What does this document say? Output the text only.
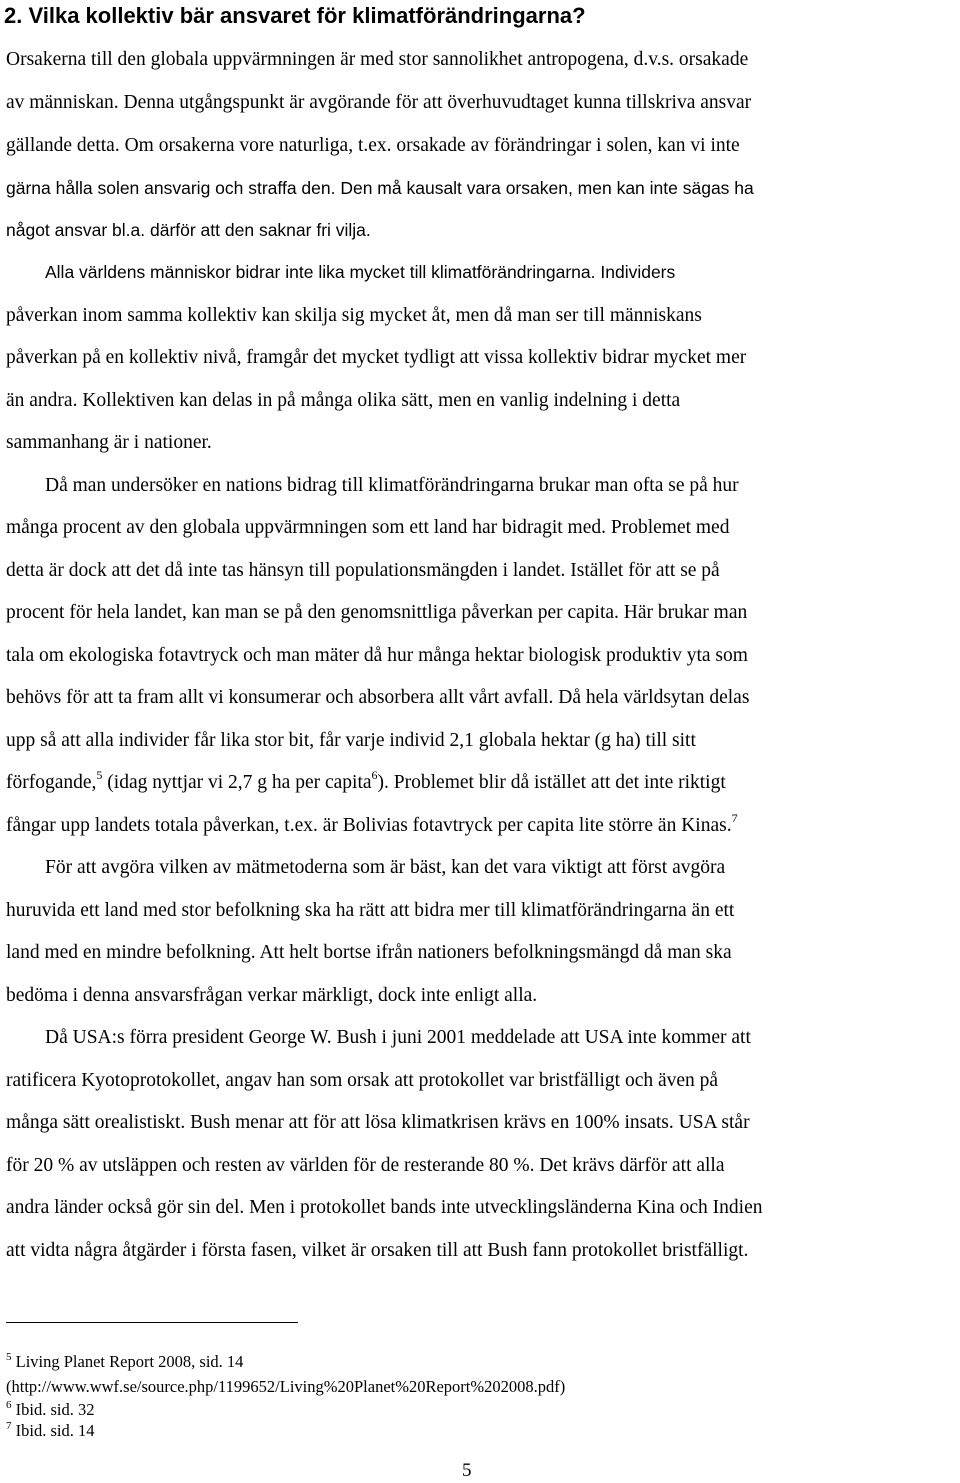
2. Vilka kollektiv bär ansvaret för klimatförändringarna?
Orsakerna till den globala uppvärmningen är med stor sannolikhet antropogena, d.v.s. orsakade
av människan. Denna utgångspunkt är avgörande för att överhuvudtaget kunna tillskriva ansvar
gällande detta. Om orsakerna vore naturliga, t.ex. orsakade av förändringar i solen, kan vi inte
gärna hålla solen ansvarig och straffa den. Den må kausalt vara orsaken, men kan inte sägas ha
något ansvar bl.a. därför att den saknar fri vilja.
Alla världens människor bidrar inte lika mycket till klimatförändringarna. Individers
påverkan inom samma kollektiv kan skilja sig mycket åt, men då man ser till människans
påverkan på en kollektiv nivå, framgår det mycket tydligt att vissa kollektiv bidrar mycket mer
än andra. Kollektiven kan delas in på många olika sätt, men en vanlig indelning i detta
sammanhang är i nationer.
Då man undersöker en nations bidrag till klimatförändringarna brukar man ofta se på hur
många procent av den globala uppvärmningen som ett land har bidragit med. Problemet med
detta är dock att det då inte tas hänsyn till populationsmängden i landet. Istället för att se på
procent för hela landet, kan man se på den genomsnittliga påverkan per capita. Här brukar man
tala om ekologiska fotavtryck och man mäter då hur många hektar biologisk produktiv yta som
behövs för att ta fram allt vi konsumerar och absorbera allt vårt avfall. Då hela världsytan delas
upp så att alla individer får lika stor bit, får varje individ 2,1 globala hektar (g ha) till sitt
förfogande,$^5$ (idag nyttjar vi 2,7 g ha per capita$^6$). Problemet blir då istället att det inte riktigt
fångar upp landets totala påverkan, t.ex. är Bolivias fotavtryck per capita lite större än Kinas.$^7$
För att avgöra vilken av mätmetoderna som är bäst, kan det vara viktigt att först avgöra
huruvida ett land med stor befolkning ska ha rätt att bidra mer till klimatförändringarna än ett
land med en mindre befolkning. Att helt bortse ifrån nationers befolkningsmängd då man ska
bedöma i denna ansvarsfrågan verkar märkligt, dock inte enligt alla.
Då USA:s förra president George W. Bush i juni 2001 meddelade att USA inte kommer att
ratificera Kyotoprotokollet, angav han som orsak att protokollet var bristfälligt och även på
många sätt orealistiskt. Bush menar att för att lösa klimatkrisen krävs en 100% insats. USA står
för 20 % av utsläppen och resten av världen för de resterande 80 %. Det krävs därför att alla
andra länder också gör sin del. Men i protokollet bands inte utvecklingsländerna Kina och Indien
att vidta några åtgärder i första fasen, vilket är orsaken till att Bush fann protokollet bristfälligt.
$^5$ Living Planet Report 2008, sid. 14
(http://www.wwf.se/source.php/1199652/Living%20Planet%20Report%202008.pdf)
$^6$ Ibid. sid. 32
$^7$ Ibid. sid. 14
5
